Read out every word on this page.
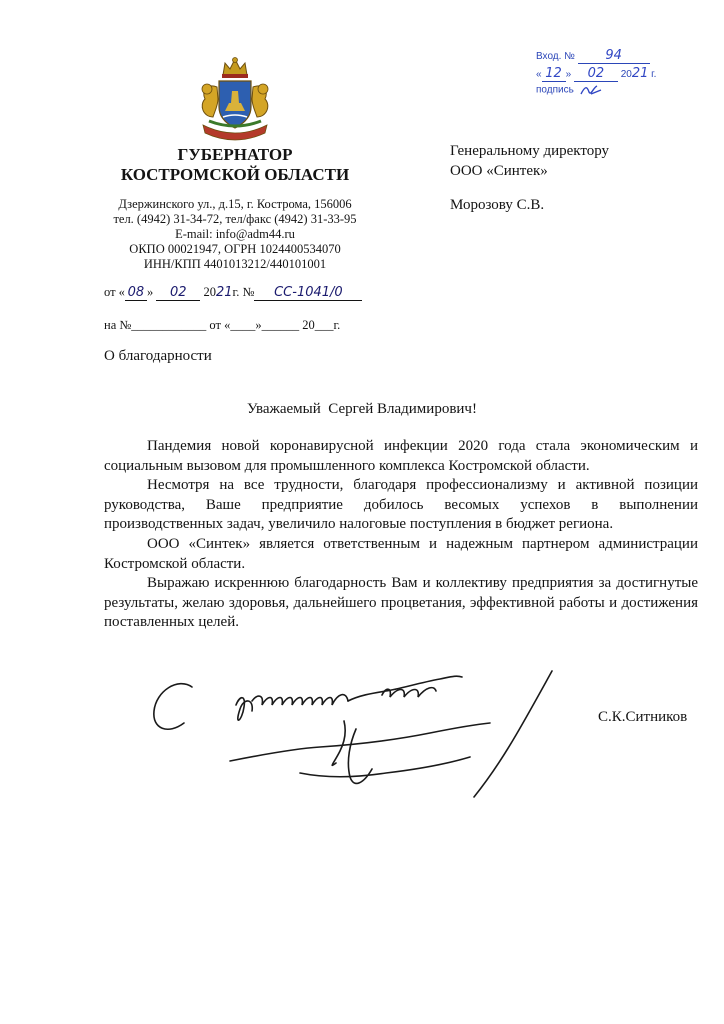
Вход. № 94
« 12 » 02 2021 г.
подпись
ГУБЕРНАТОР
КОСТРОМСКОЙ ОБЛАСТИ
Дзержинского ул., д.15, г. Кострома, 156006
тел. (4942) 31-34-72, тел/факс (4942) 31-33-95
E-mail: info@adm44.ru
ОКПО 00021947, ОГРН 1024400534070
ИНН/КПП 4401013212/440101001
от « 08 » 02 2021г. № СС-1041/0
на №____________ от «____»______ 20___г.
Генеральному директору
ООО «Синтек»
Морозову С.В.
О благодарности
Уважаемый  Сергей Владимирович!

Пандемия новой коронавирусной инфекции 2020 года стала экономическим и социальным вызовом для промышленного комплекса Костромской области.

Несмотря на все трудности, благодаря профессионализму и активной позиции руководства, Ваше предприятие добилось весомых успехов в выполнении производственных задач, увеличило налоговые поступления в бюджет региона.

ООО «Синтек» является ответственным и надежным партнером администрации Костромской области.

Выражаю искреннюю благодарность Вам и коллективу предприятия за достигнутые результаты, желаю здоровья, дальнейшего процветания, эффективной работы и достижения поставленных целей.

С.К.Ситников
